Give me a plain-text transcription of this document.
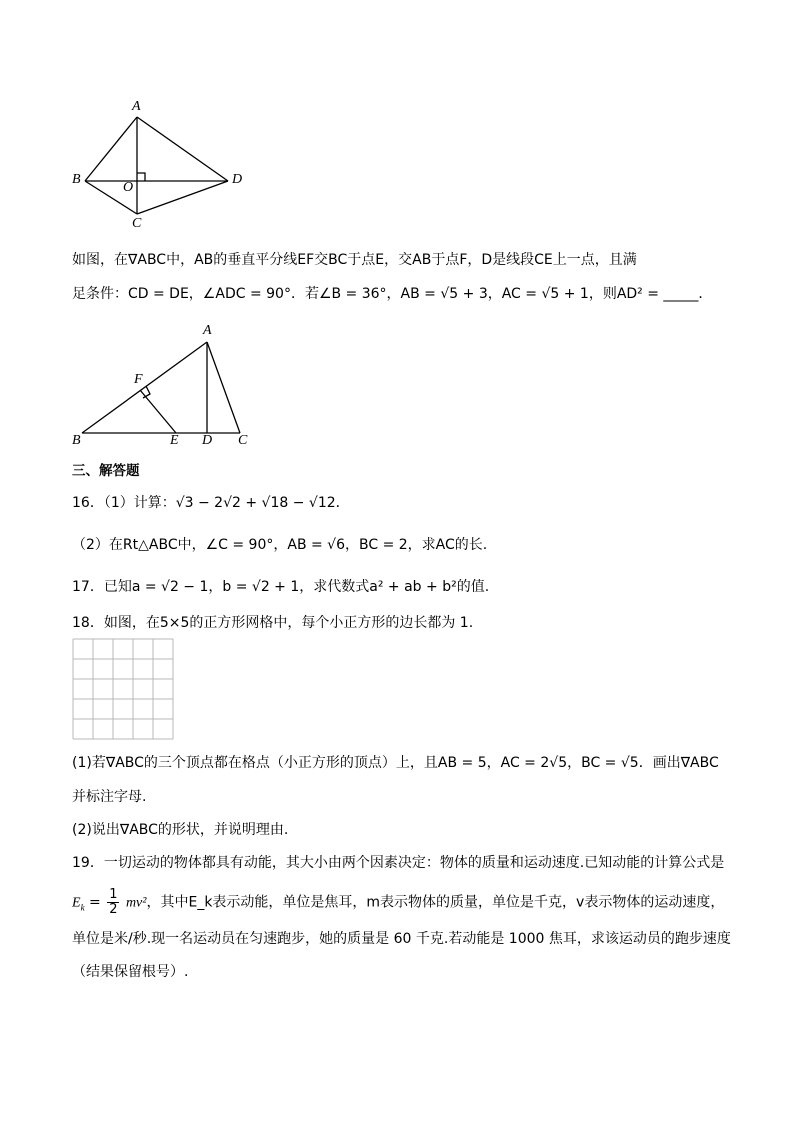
A
B
O
D
C
如图，在∇ABC中，AB的垂直平分线EF交BC于点E，交AB于点F，D是线段CE上一点，且满
足条件：CD = DE，∠ADC = 90°．若∠B = 36°，AB = √5 + 3，AC = √5 + 1，则AD² = _____．
A
F
B	E D C
三、解答题
16．（1）计算：√3 − 2√2 + √18 − √12．
（2）在Rt△ABC中，∠C = 90°，AB = √6，BC = 2，求AC的长.
17．已知a = √2 − 1，b = √2 + 1，求代数式a² + ab + b²的值.
18．如图，在5×5的正方形网格中，每个小正方形的边长都为 1.
(1)若∇ABC的三个顶点都在格点（小正方形的顶点）上，且AB = 5，AC = 2√5，BC = √5．画出∇ABC
并标注字母.
(2)说出∇ABC的形状，并说明理由.
19．一切运动的物体都具有动能，其大小由两个因素决定：物体的质量和运动速度.已知动能的计算公式是
$E_k = \frac{1}{2} mv^2$，其中E_k表示动能，单位是焦耳，m表示物体的质量，单位是千克，v表示物体的运动速度，
单位是米/秒.现一名运动员在匀速跑步，她的质量是 60 千克.若动能是 1000 焦耳，求该运动员的跑步速度
（结果保留根号）.
